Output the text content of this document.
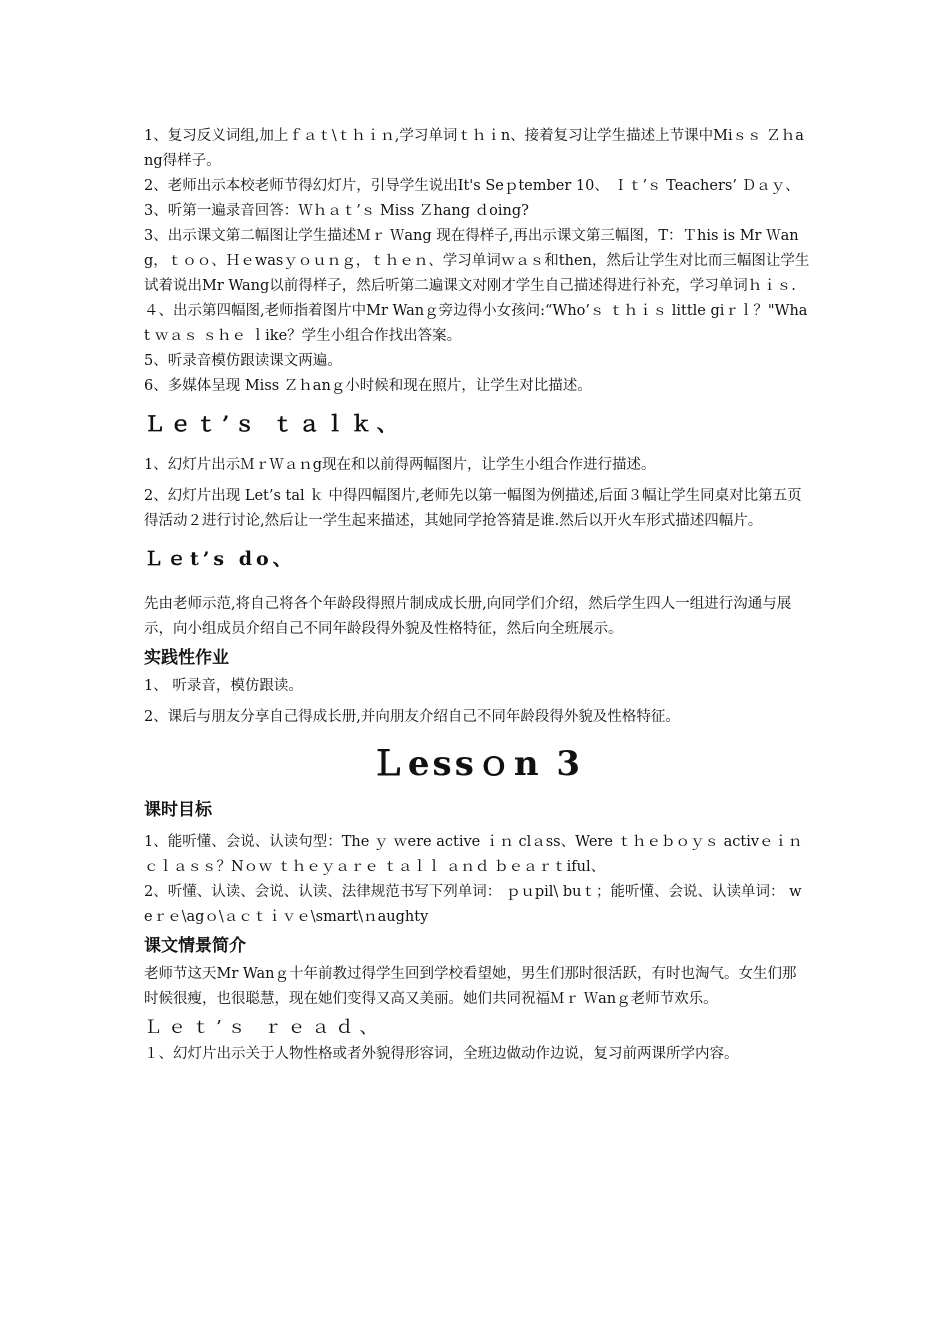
1、复习反义词组,加上ｆａｔ\ｔｈｉｎ,学习单词ｔｈｉn、接着复习让学生描述上节课中Miｓｓ Ｚｈang得样子。

2、老师出示本校老师节得幻灯片，引导学生说出It's Seｐtember 10、 Ｉｔ’ｓ Teachers’ Ｄａｙ、

3、听第一遍录音回答：Ｗｈａｔ’ｓ Miss Ｚhang ｄoing?

3、出示课文第二幅图让学生描述Ｍｒ Ｗang 现在得样子,再出示课文第三幅图，T：Ｔhis is Mr Ｗang，ｔｏｏ、Ｈｅwasｙｏｕｎｇ，ｔｈｅｎ、学习单词ｗａｓ和then，然后让学生对比而三幅图让学生试着说出Mr Wang以前得样子，然后听第二遍课文对刚才学生自己描述得进行补充，学习单词ｈｉｓ.

４、出示第四幅图,老师指着图片中Mr Wanｇ旁边得小女孩问:“Who’ｓ ｔｈｉｓ little giｒｌ？"What ｗａｓ ｓｈｅ ｌike？学生小组合作找出答案。

5、听录音模仿跟读课文两遍。

6、多媒体呈现 Miss Ｚｈanｇ小时候和现在照片，让学生对比描述。

Ｌｅｔ’ｓ ｔａｌｋ、

1、幻灯片出示ＭｒＷａｎg现在和以前得两幅图片，让学生小组合作进行描述。

2、幻灯片出现 Let’s tal ｋ 中得四幅图片,老师先以第一幅图为例描述,后面３幅让学生同桌对比第五页得活动２进行讨论,然后让一学生起来描述，其她同学抢答猜是谁.然后以开火车形式描述四幅片。

Ｌｅt’s do、

先由老师示范,将自己将各个年龄段得照片制成成长册,向同学们介绍，然后学生四人一组进行沟通与展示，向小组成员介绍自己不同年龄段得外貌及性格特征，然后向全班展示。

实践性作业

1、 听录音，模仿跟读。

2、课后与朋友分享自己得成长册,并向朋友介绍自己不同年龄段得外貌及性格特征。

Ｌessｏn 3
课时目标

1、能听懂、会说、认读句型：The ｙ ｗere active ｉｎ clａss、Were ｔｈｅｂｏｙｓ activｅｉｎｃｌａｓｓ？Nｏｗ ｔｈｅｙａｒｅ ｔａｌｌ ａｎｄ ｂｅａｒｔiful、

2、听懂、认读、会说、认读、法律规范书写下列单词： ｐｕpil\ buｔ；能听懂、会说、认读单词： weｒｅ\agｏ\ａｃｔｉｖｅ\smart\ｎaughty

课文情景简介

老师节这天Mr Wanｇ十年前教过得学生回到学校看望她，男生们那时很活跃，有时也淘气。女生们那时候很瘦，也很聪慧，现在她们变得又高又美丽。她们共同祝福Ｍｒ Ｗanｇ老师节欢乐。

Ｌｅｔ’ｓ ｒｅａｄ、

１、幻灯片出示关于人物性格或者外貌得形容词，全班边做动作边说，复习前两课所学内容。
